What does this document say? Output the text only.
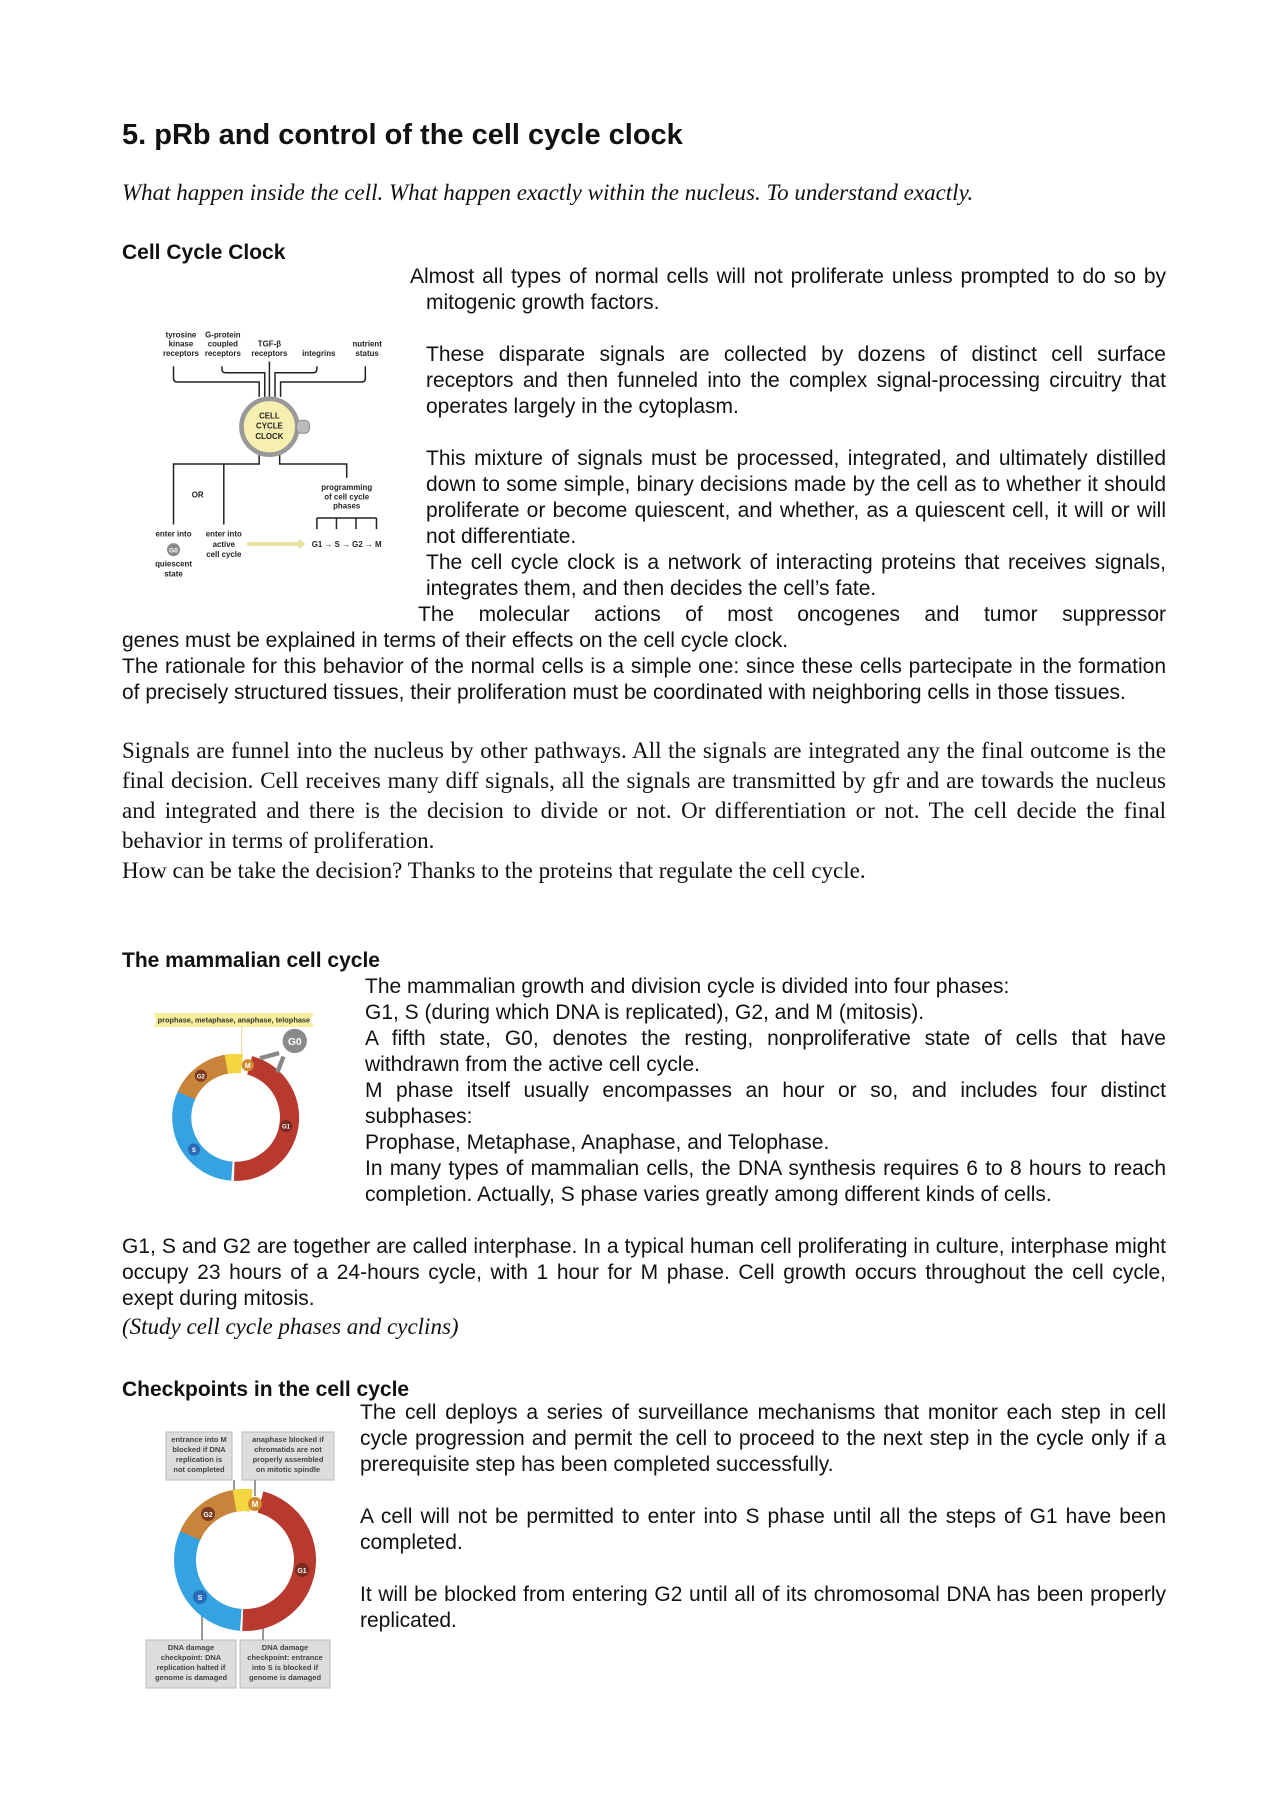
5. pRb and control of the cell cycle clock
What happen inside the cell. What happen exactly within the nucleus. To understand exactly.
Cell Cycle Clock
tyrosine
kinase
receptors
G-protein
coupled
receptors
TGF-β
receptors integrins
nutrient
status
CELL
CYCLE
CLOCK
OR
enter into
quiescent
state
enter into
active
cell cycle
programming
of cell cycle
phases
G1 → S → G2 → M
G0

Almost all types of normal cells will not proliferate unless prompted to do so by mitogenic growth factors.

These disparate signals are collected by dozens of distinct cell surface receptors and then funneled into the complex signal-processing circuitry that operates largely in the cytoplasm.

This mixture of signals must be processed, integrated, and ultimately distilled down to some simple, binary decisions made by the cell as to whether it should proliferate or become quiescent, and whether, as a quiescent cell, it will or will not differentiate.

The cell cycle clock is a network of interacting proteins that receives signals, integrates them, and then decides the cell’s fate.

The molecular actions of most oncogenes and tumor suppressor

genes must be explained in terms of their effects on the cell cycle clock.

The rationale for this behavior of the normal cells is a simple one: since these cells partecipate in the formation of precisely structured tissues, their proliferation must be coordinated with neighboring cells in those tissues.

Signals are funnel into the nucleus by other pathways. All the signals are integrated any the final outcome is the final decision. Cell receives many diff signals, all the signals are transmitted by gfr and are towards the nucleus and integrated and there is the decision to divide or not. Or differentiation or not. The cell decide the final behavior in terms of proliferation.

How can be take the decision? Thanks to the proteins that regulate the cell cycle.

The mammalian cell cycle
prophase, metaphase, anaphase, telophase
G0
M
G1
S
G2

The mammalian growth and division cycle is divided into four phases:

G1, S (during which DNA is replicated), G2, and M (mitosis).

A fifth state, G0, denotes the resting, nonproliferative state of cells that have withdrawn from the active cell cycle.

M phase itself usually encompasses an hour or so, and includes four distinct subphases:

Prophase, Metaphase, Anaphase, and Telophase.

In many types of mammalian cells, the DNA synthesis requires 6 to 8 hours to reach completion. Actually, S phase varies greatly among different kinds of cells.

G1, S and G2 are together are called interphase. In a typical human cell proliferating in culture, interphase might occupy 23 hours of a 24-hours cycle, with 1 hour for M phase. Cell growth occurs throughout the cell cycle, exept during mitosis.

(Study cell cycle phases and cyclins)

Checkpoints in the cell cycle
entrance into M
blocked if DNA
replication is
not completed
anaphase blocked if
chromatids are not
properly assembled
on mitotic spindle
DNA damage
checkpoint: DNA
replication halted if
genome is damaged
DNA damage
checkpoint: entrance
into S is blocked if
genome is damaged
M
G1
S
G2

The cell deploys a series of surveillance mechanisms that monitor each step in cell cycle progression and permit the cell to proceed to the next step in the cycle only if a prerequisite step has been completed successfully.

A cell will not be permitted to enter into S phase until all the steps of G1 have been completed.

It will be blocked from entering G2 until all of its chromosomal DNA has been properly replicated.
